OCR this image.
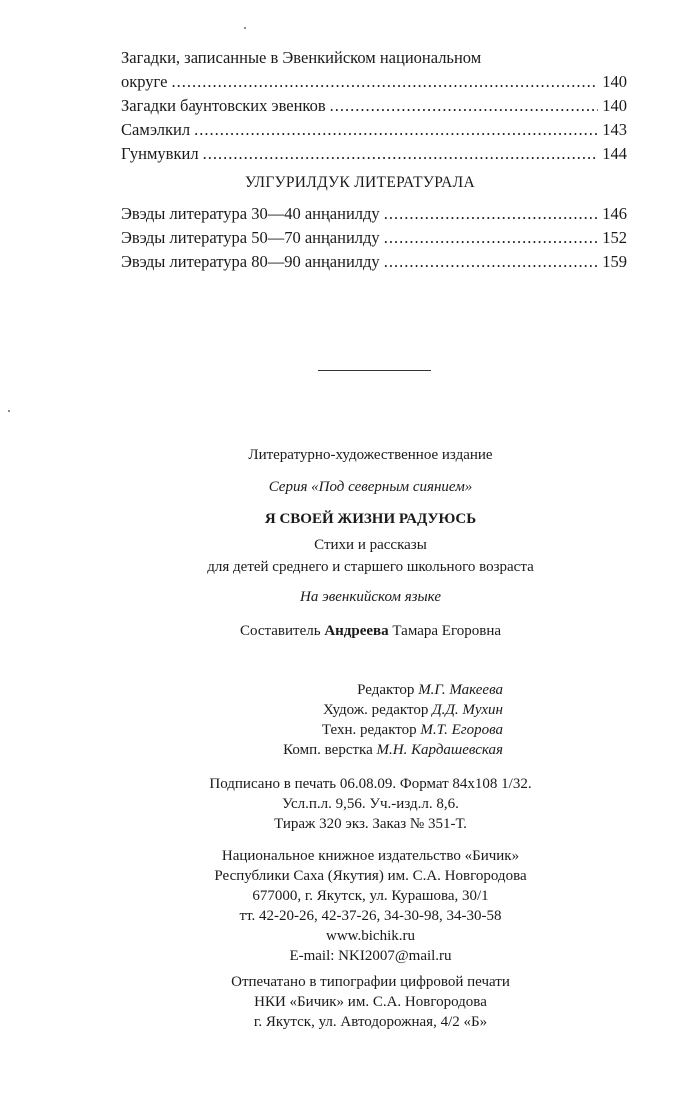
Загадки, записанные в Эвенкийском национальном
округе .....	140
Загадки баунтовских эвенков .....	140
Самэлкил .....	143
Гунмувкил .....	144
УЛГУРИЛДУК ЛИТЕРАТУРАЛА
Эвэды литература 30—40 анңанилду .....	146
Эвэды литература 50—70 анңанилду .....	152
Эвэды литература 80—90 анңанилду .....	159
Литературно-художественное издание
Серия «Под северным сиянием»
Я СВОЕЙ ЖИЗНИ РАДУЮСЬ
Стихи и рассказы
для детей среднего и старшего школьного возраста
На эвенкийском языке
Составитель Андреева Тамара Егоровна
Редактор М.Г. Макеева
Худож. редактор Д.Д. Мухин
Техн. редактор М.Т. Егорова
Комп. верстка М.Н. Кардашевская
Подписано в печать 06.08.09. Формат 84x108 1/32.
Усл.п.л. 9,56. Уч.-изд.л. 8,6.
Тираж 320 экз. Заказ № 351-Т.
Национальное книжное издательство «Бичик»
Республики Саха (Якутия) им. С.А. Новгородова
677000, г. Якутск, ул. Курашова, 30/1
тт. 42-20-26, 42-37-26, 34-30-98, 34-30-58
www.bichik.ru
E-mail: NKI2007@mail.ru
Отпечатано в типографии цифровой печати
НКИ «Бичик» им. С.А. Новгородова
г. Якутск, ул. Автодорожная, 4/2 «Б»
